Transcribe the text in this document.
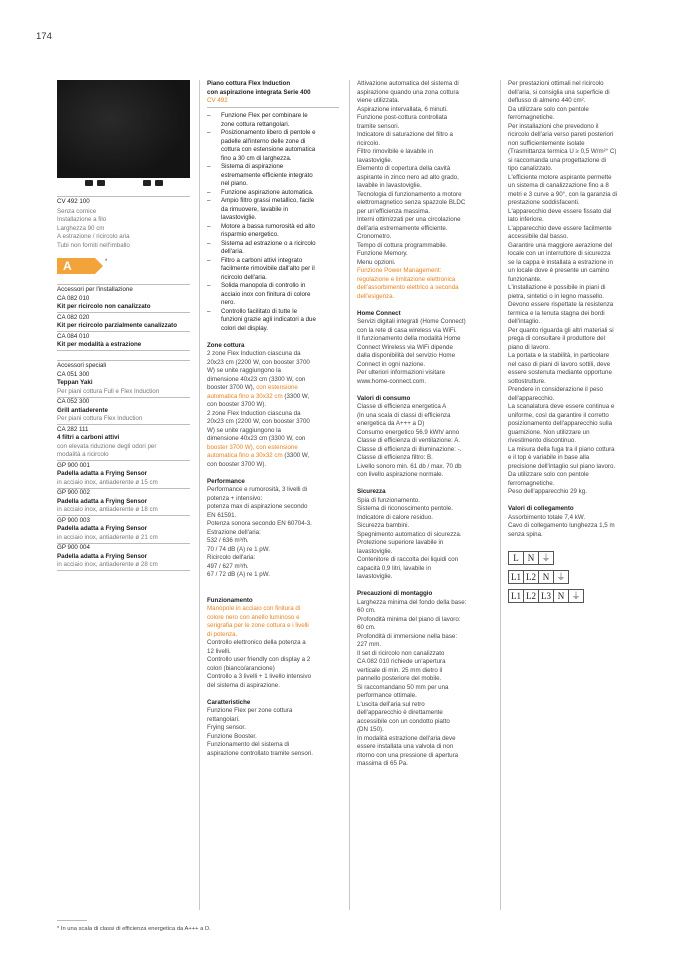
174
CV 492 100
Senza cornice
Installazione a filo
Larghezza 90 cm
A estrazione / ricircolo aria
Tubi non forniti nell'imballo
A	*
Accessori per l'installazione
CA 082 010
Kit per ricircolo non canalizzato
CA 082 020
Kit per ricircolo parzialmente canalizzato
CA 084 010
Kit per modalità a estrazione
Accessori speciali
CA 051 300
Teppan Yaki
Per piani cottura Full e Flex Induction
CA 052 300
Grill antiaderente
Per piani cottura Flex Induction
CA 282 111
4 filtri a carboni attivi
con elevata riduzione degli odori per
modalità a ricircolo
GP 900 001
Padella adatta a Frying Sensor
in acciaio inox, antiaderente ø 15 cm
GP 900 002
Padella adatta a Frying Sensor
in acciaio inox, antiaderente ø 18 cm
GP 900 003
Padella adatta a Frying Sensor
in acciaio inox, antiaderente ø 21 cm
GP 900 004
Padella adatta a Frying Sensor
in acciaio inox, antiaderente ø 28 cm
Piano cottura Flex Induction
con aspirazione integrata Serie 400
CV 492
– Funzione Flex per combinare le
zone cottura rettangolari.
– Posizionamento libero di pentole e
padelle all'interno delle zone di
cottura con estensione automatica
fino a 30 cm di larghezza.
– Sistema di aspirazione
estremamente efficiente integrato
nel piano.
– Funzione aspirazione automatica.
– Ampio filtro grassi metallico, facile
da rimuovere, lavabile in
lavastoviglie.
– Motore a bassa rumorosità ed alto
risparmio energetico.
– Sistema ad estrazione o a ricircolo
dell'aria.
– Filtro a carboni attivi integrato
facilmente rimovibile dall'alto per il
ricircolo dell'aria.
– Solida manopola di controllo in
acciaio inox con finitura di colore
nero.
– Controllo facilitato di tutte le
funzioni grazie agli indicatori a due
colori del display.
Zone cottura
2 zone Flex Induction ciascuna da
20x23 cm (2200 W, con booster 3700
W) se unite raggiungono la
dimensione 40x23 cm (3300 W, con
booster 3700 W), con estensione
automatica fino a 30x32 cm (3300 W,
con booster 3700 W).
2 zone Flex Induction ciascuna da
20x23 cm (2200 W, con booster 3700
W) se unite raggiungono la
dimensione 40x23 cm (3300 W, con
booster 3700 W), con estensione
automatica fino a 30x32 cm (3300 W,
con booster 3700 W).
Performance
Performance e rumorosità, 3 livelli di
potenza + intensivo:
potenza max di aspirazione secondo
EN 61591.
Potenza sonora secondo EN 60704-3.
Estrazione dell'aria:
532 / 636 m³/h.
70 / 74 dB (A) re 1 pW.
Ricircolo dell'aria:
497 / 627 m³/h.
67 / 72 dB (A) re 1 pW.
Funzionamento
Manopole in acciaio con finitura di
colore nero con anello luminoso e
serigrafia per le zone cottura e i livelli
di potenza.
Controllo elettronico della potenza a
12 livelli.
Controllo user friendly con display a 2
colori (bianco/arancione)
Controllo a 3 livelli + 1 livello intensivo
del sistema di aspirazione.
Caratteristiche
Funzione Flex per zone cottura
rettangolari.
Frying sensor.
Funzione Booster.
Funzionamento del sistema di
aspirazione controllato tramite sensori.
Attivazione automatica del sistema di
aspirazione quando una zona cottura
viene utilizzata.
Aspirazione intervallata, 6 minuti.
Funzione post-cottura controllata
tramite sensori.
Indicatore di saturazione del filtro a
ricircolo.
Filtro rimovibile e lavabile in
lavastoviglie.
Elemento di copertura della cavità
aspirante in zinco nero ad alto grado,
lavabile in lavastoviglie.
Tecnologia di funzionamento a motore
elettromagnetico senza spazzole BLDC
per un'efficienza massima.
Interni ottimizzati per una circolazione
dell'aria estremamente efficiente.
Cronometro.
Tempo di cottura programmabile.
Funzione Memory.
Menu opzioni.
Funzione Power Management:
regolazione e limitazione elettronica
dell'assorbimento elettrico a seconda
dell'esigenza.
Home Connect
Servizi digitali integrati (Home Connect)
con la rete di casa wireless via WiFi.
Il funzionamento della modalità Home
Connect Wireless via WiFi dipende
dalla disponibilità del servizio Home
Connect in ogni nazione.
Per ulteriori informazioni visitare
www.home-connect.com.
Valori di consumo
Classe di efficienza energetica A
(In una scala di classi di efficienza
energetica da A+++ a D)
Consumo energetico 56.9 kWh/ anno
Classe di efficienza di ventilazione: A.
Classe di efficienza di illuminazione: -.
Classe di efficienza filtro: B.
Livello sonoro min. 61 db / max. 70 db
con livello aspirazione normale.
Sicurezza
Spia di funzionamento.
Sistema di riconoscimento pentole.
Indicatore di calore residuo.
Sicurezza bambini.
Spegnimento automatico di sicurezza.
Protezione superiore lavabile in
lavastoviglie.
Contenitore di raccolta dei liquidi con
capacità 0,9 litri, lavabile in
lavastoviglie.
Precauzioni di montaggio
Larghezza minima del fondo della base:
60 cm.
Profondità minima del piano di lavoro:
60 cm.
Profondità di immersione nella base:
227 mm.
Il set di ricircolo non canalizzato
CA 082 010 richiede un'apertura
verticale di min. 25 mm dietro il
pannello posteriore del mobile.
Si raccomandano 50 mm per una
performance ottimale.
L'uscita dell'aria sul retro
dell'apparecchio è direttamente
accessibile con un condotto piatto
(DN 150).
In modalità estrazione dell'aria deve
essere installata una valvola di non
ritorno con una pressione di apertura
massima di 65 Pa.
Per prestazioni ottimali nel ricircolo
dell'aria, si consiglia una superficie di
deflusso di almeno 440 cm².
Da utilizzare solo con pentole
ferromagnetiche.
Per installazioni che prevedono il
ricircolo dell'aria verso pareti posteriori
non sufficientemente isolate
(Trasmittanza termica U ≥ 0,5 W/m²° C)
si raccomanda una progettazione di
tipo canalizzato.
L'efficiente motore aspirante permette
un sistema di canalizzazione fino a 8
metri e 3 curve a 90°, con la garanzia di
prestazione soddisfacenti.
L'apparecchio deve essere fissato dal
lato inferiore.
L'apparecchio deve essere facilmente
accessibile dal basso.
Garantire una maggiore aerazione del
locale con un interruttore di sicurezza
se la cappa è installata a estrazione in
un locale dove è presente un camino
funzionante.
L'installazione è possibile in piani di
pietra, sintetici o in legno massello.
Devono essere rispettate la resistenza
termica e la tenuta stagna dei bordi
dell'intaglio.
Per quanto riguarda gli altri materiali si
prega di consultare il produttore del
piano di lavoro.
La portata e la stabilità, in particolare
nel caso di piani di lavoro sottili, deve
essere sostenuta mediante opportune
sottostrutture.
Prendere in considerazione il peso
dell'apparecchio.
La scanalatura deve essere continua e
uniforme, così da garantire il corretto
posizionamento dell'apparecchio sulla
guarnizione. Non utilizzare un
rivestimento discontinuo.
La misura della fuga tra il piano cottura
e il top è variabile in base alla
precisione dell'intaglio sul piano lavoro.
Da utilizzare solo con pentole
ferromagnetiche.
Peso dell'apparecchio 29 kg.
Valori di collegamento
Assorbimento totale 7,4 kW.
Cavo di collegamento lunghezza 1,5 m
senza spina.
L	N ⏚
L1 L2 N ⏚
L1 L2 L3 N ⏚
* In una scala di classi di efficienza energetica da A+++ a D.
